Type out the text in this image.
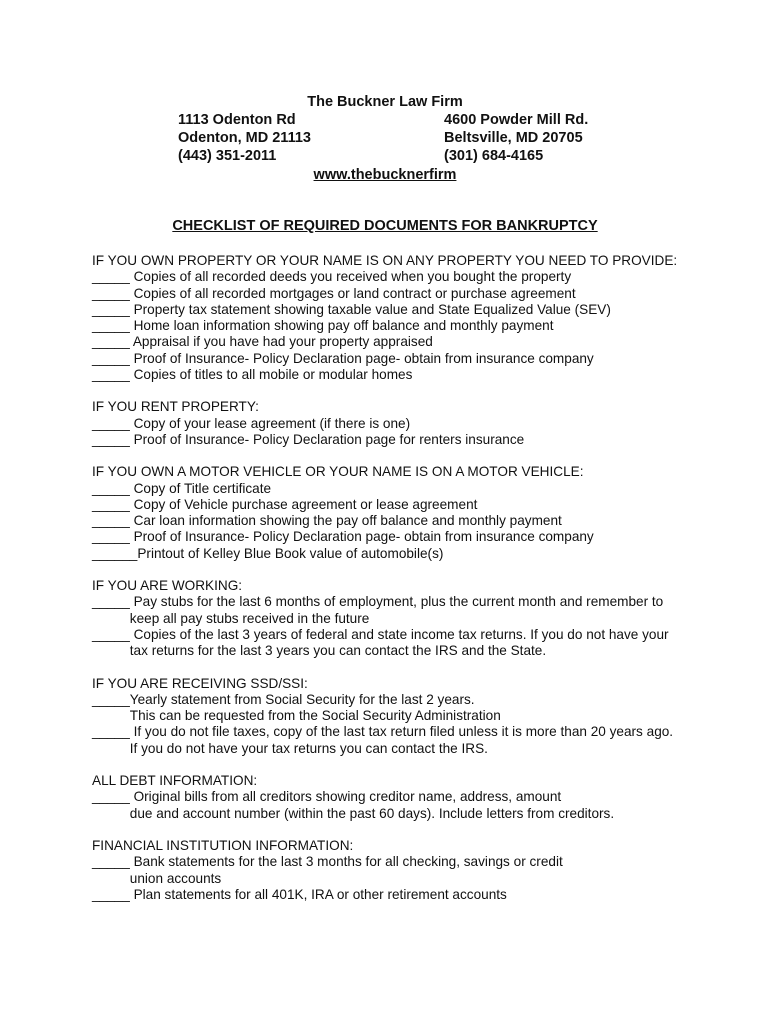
The Buckner Law Firm
1113 Odenton Rd
Odenton, MD 21113
(443) 351-2011
4600 Powder Mill Rd.
Beltsville, MD 20705
(301) 684-4165
www.thebucknerfirm
CHECKLIST OF REQUIRED DOCUMENTS FOR BANKRUPTCY
IF YOU OWN PROPERTY OR YOUR NAME IS ON ANY PROPERTY YOU NEED TO PROVIDE:
_____ Copies of all recorded deeds you received when you bought the property
_____ Copies of all recorded mortgages or land contract or purchase agreement
_____ Property tax statement showing taxable value and State Equalized Value (SEV)
_____ Home loan information showing pay off balance and monthly payment
_____ Appraisal if you have had your property appraised
_____ Proof of Insurance- Policy Declaration page- obtain from insurance company
_____ Copies of titles to all mobile or modular homes
IF YOU RENT PROPERTY:
_____ Copy of your lease agreement (if there is one)
_____ Proof of Insurance- Policy Declaration page for renters insurance
IF YOU OWN A MOTOR VEHICLE OR YOUR NAME IS ON A MOTOR VEHICLE:
_____ Copy of Title certificate
_____ Copy of Vehicle purchase agreement or lease agreement
_____ Car loan information showing the pay off balance and monthly payment
_____ Proof of Insurance- Policy Declaration page- obtain from insurance company
______Printout of Kelley Blue Book value of automobile(s)
IF YOU ARE WORKING:
_____ Pay stubs for the last 6 months of employment, plus the current month and remember to
keep all pay stubs received in the future
_____ Copies of the last 3 years of federal and state income tax returns. If you do not have your
tax returns for the last 3 years you can contact the IRS and the State.
IF YOU ARE RECEIVING SSD/SSI:
_____Yearly statement from Social Security for the last 2 years.
This can be requested from the Social Security Administration
_____ If you do not file taxes, copy of the last tax return filed unless it is more than 20 years ago.
If you do not have your tax returns you can contact the IRS.
ALL DEBT INFORMATION:
_____ Original bills from all creditors showing creditor name, address, amount
due and account number (within the past 60 days). Include letters from creditors.
FINANCIAL INSTITUTION INFORMATION:
_____ Bank statements for the last 3 months for all checking, savings or credit
union accounts
_____ Plan statements for all 401K, IRA or other retirement accounts
